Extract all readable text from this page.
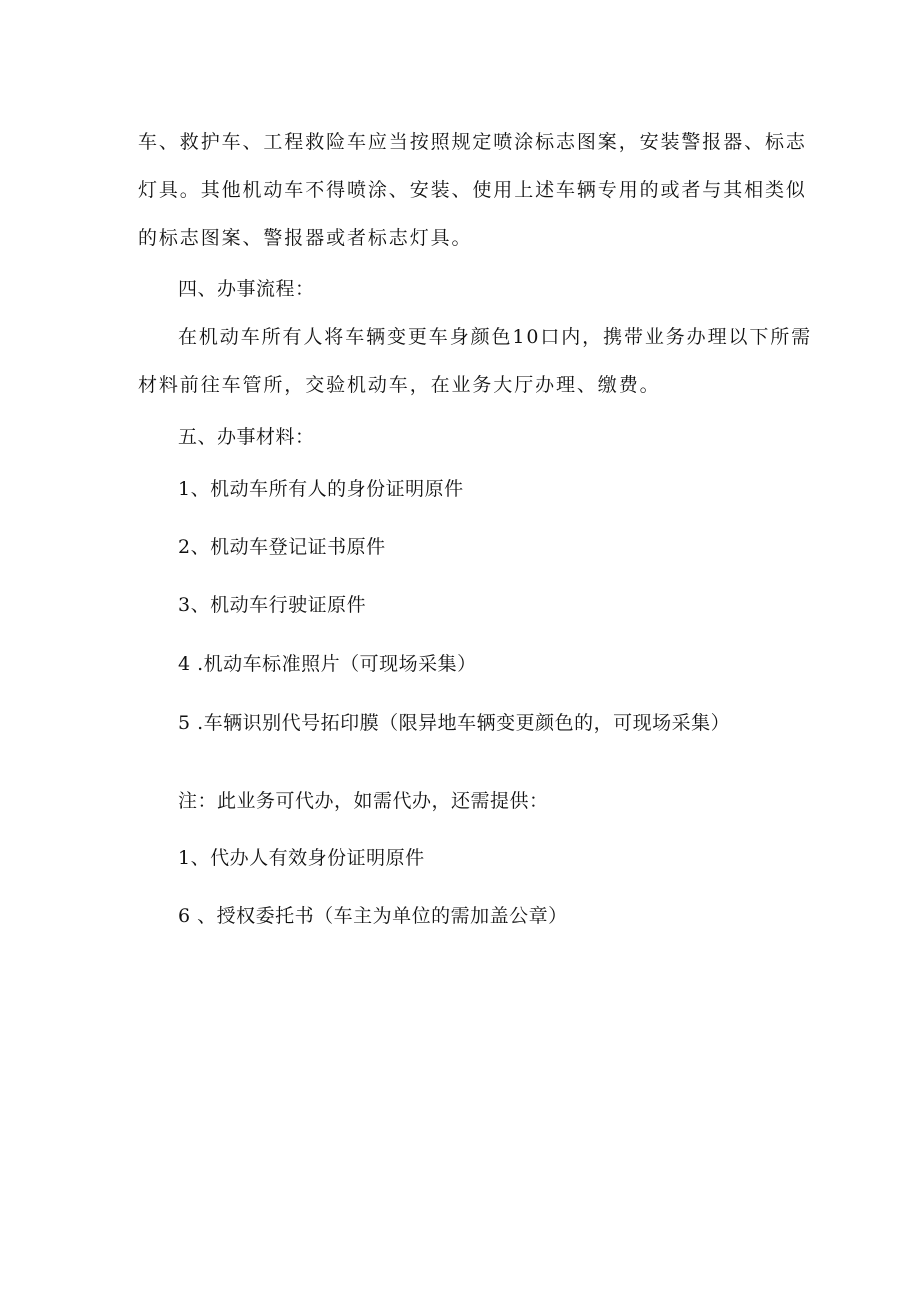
车、救护车、工程救险车应当按照规定喷涂标志图案，安装警报器、标志
灯具。其他机动车不得喷涂、安装、使用上述车辆专用的或者与其相类似
的标志图案、警报器或者标志灯具。
四、办事流程：
在机动车所有人将车辆变更车身颜色10口内，携带业务办理以下所需
材料前往车管所，交验机动车，在业务大厅办理、缴费。
五、办事材料：
1、机动车所有人的身份证明原件
2、机动车登记证书原件
3、机动车行驶证原件
4 .机动车标准照片（可现场采集）
5 .车辆识别代号拓印膜（限异地车辆变更颜色的，可现场采集）
注：此业务可代办，如需代办，还需提供：
1、代办人有效身份证明原件
6 、授权委托书（车主为单位的需加盖公章）
